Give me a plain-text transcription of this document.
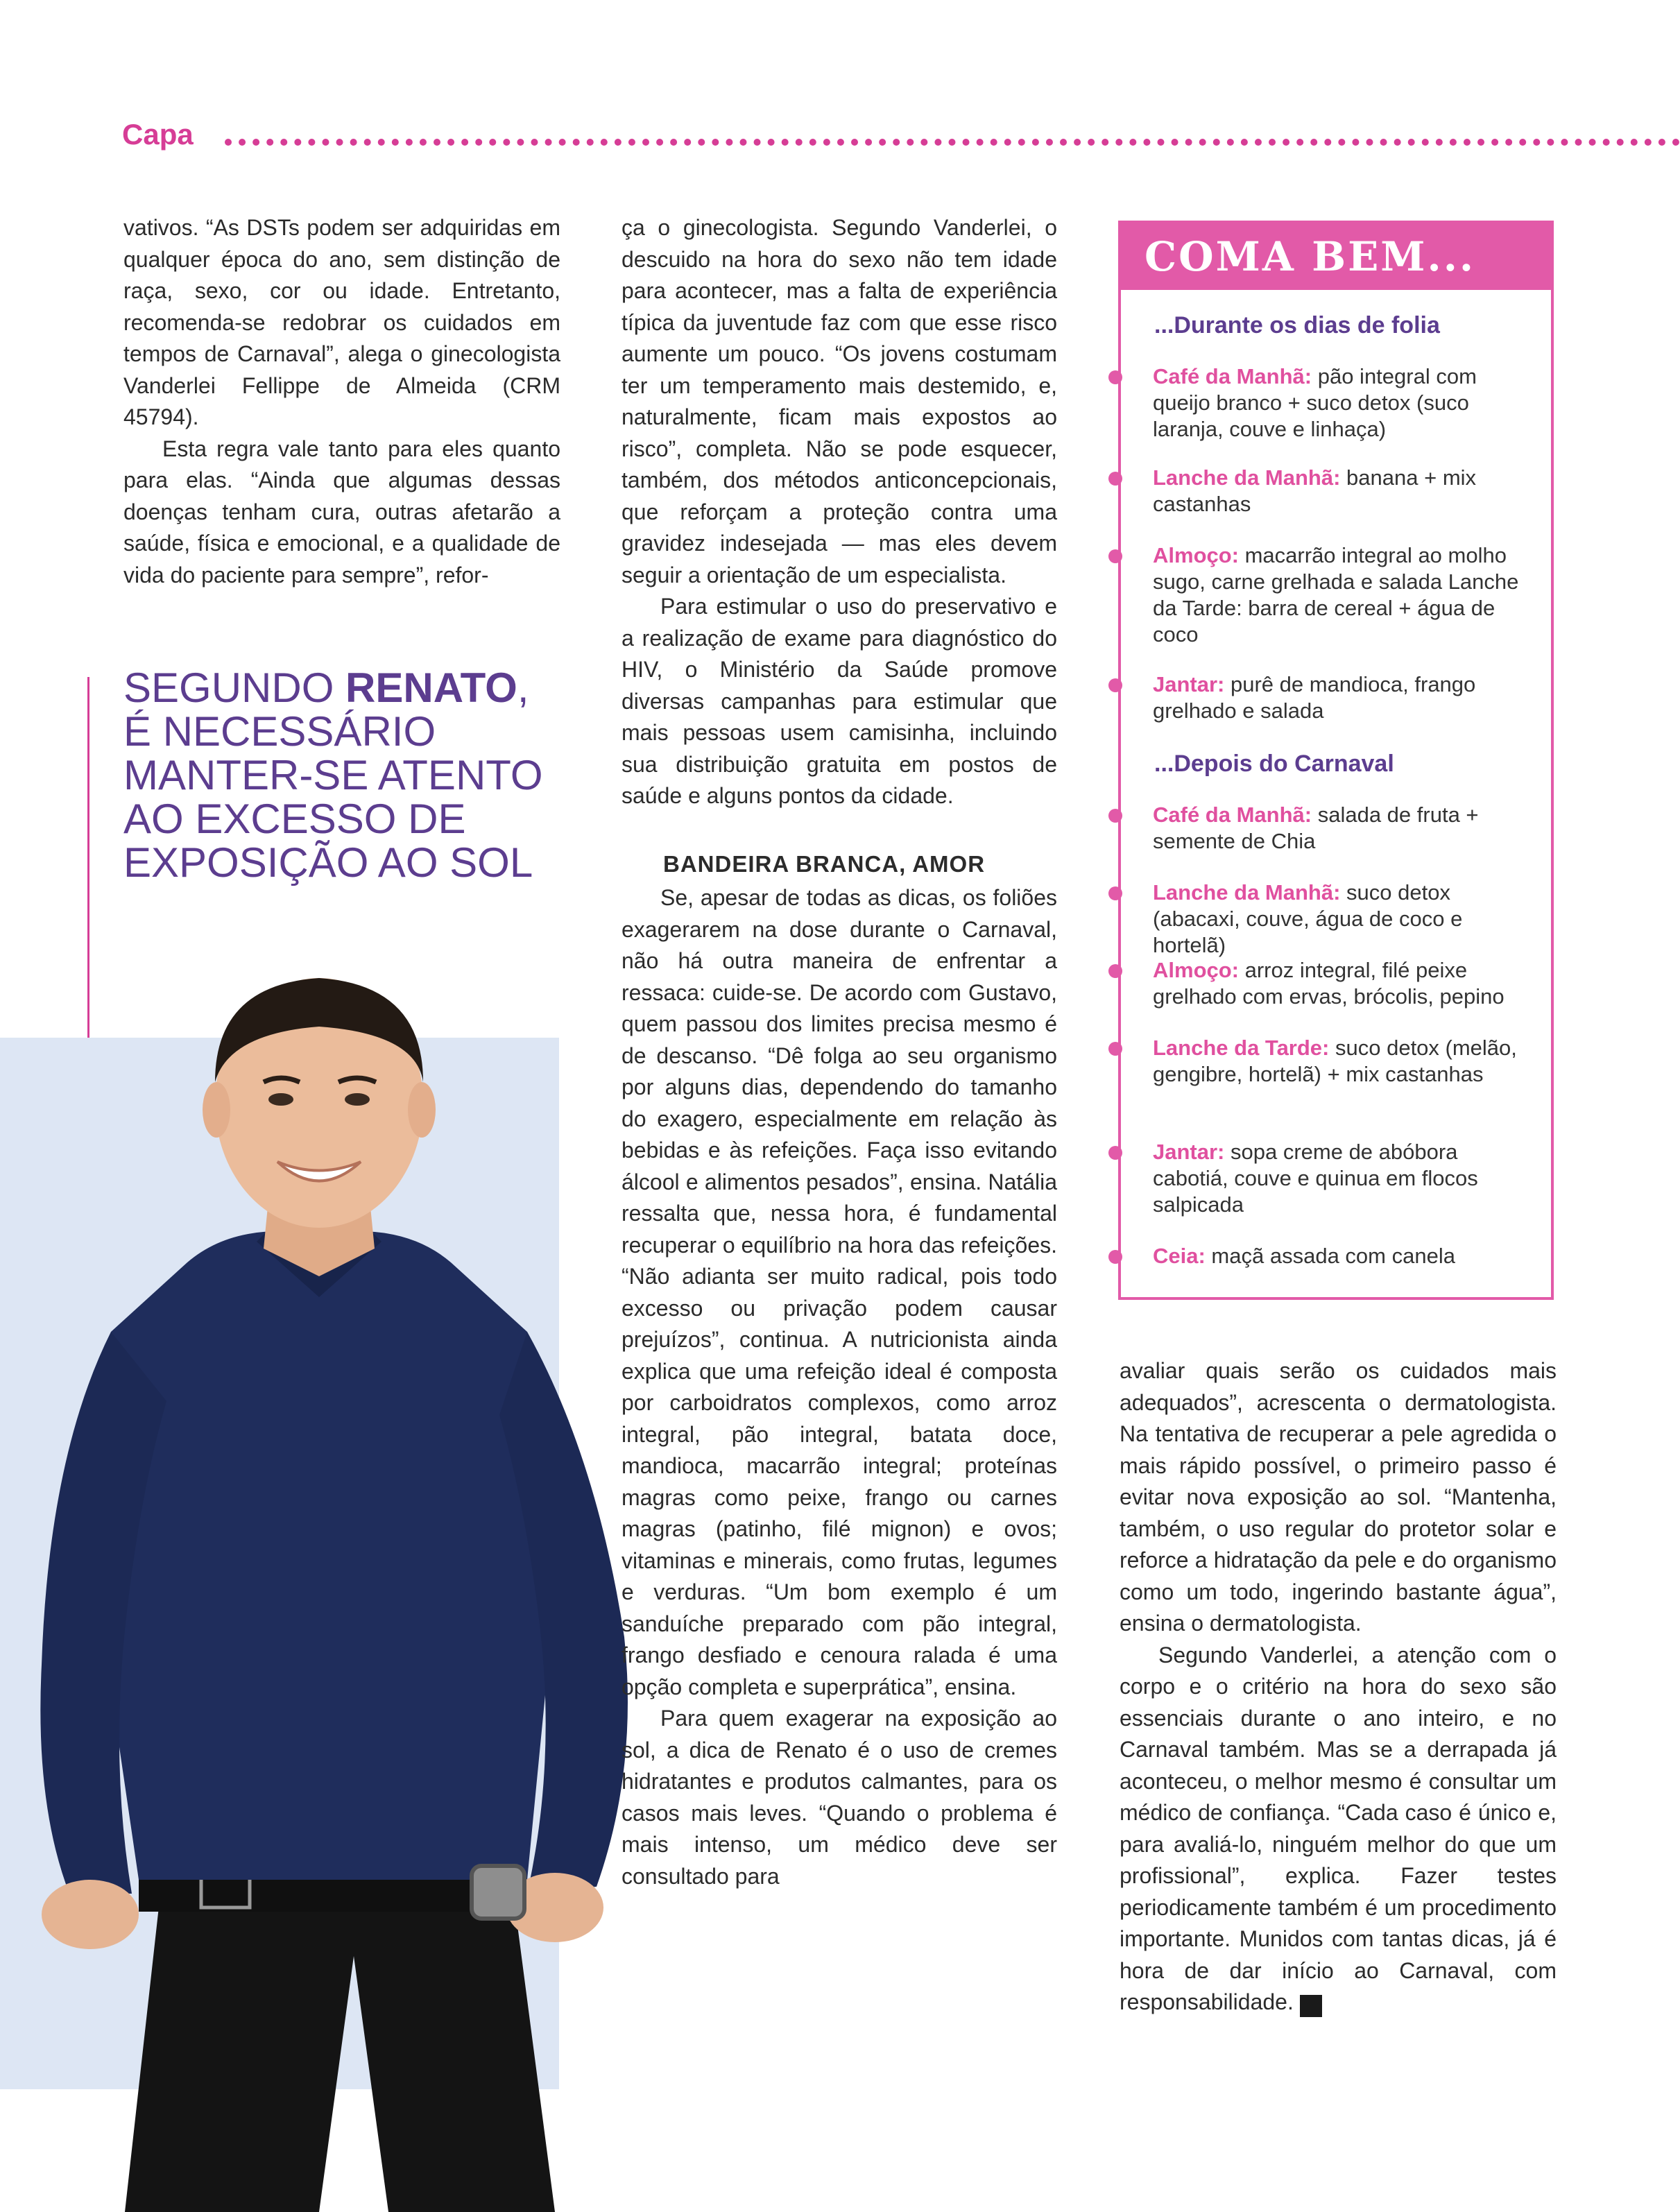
Capa

vativos. “As DSTs podem ser adquiridas em qualquer época do ano, sem distinção de raça, sexo, cor ou idade. Entretanto, recomenda-se redobrar os cuidados em tempos de Carnaval”, alega o ginecologista Vanderlei Fellippe de Almeida (CRM 45794).

Esta regra vale tanto para eles quanto para elas. “Ainda que algumas dessas doenças tenham cura, outras afetarão a saúde, física e emocional, e a qualidade de vida do paciente para sempre”, refor-

SEGUNDO RENATO, É NECESSÁRIO MANTER-SE ATENTO AO EXCESSO DE EXPOSIÇÃO AO SOL

ça o ginecologista. Segundo Vanderlei, o descuido na hora do sexo não tem idade para acontecer, mas a falta de experiência típica da juventude faz com que esse risco aumente um pouco. “Os jovens costumam ter um temperamento mais destemido, e, naturalmente, ficam mais expostos ao risco”, completa. Não se pode esquecer, também, dos métodos anticoncepcionais, que reforçam a proteção contra uma gravidez indesejada — mas eles devem seguir a orientação de um especialista.

Para estimular o uso do preservativo e a realização de exame para diagnóstico do HIV, o Ministério da Saúde promove diversas campanhas para estimular que mais pessoas usem camisinha, incluindo sua distribuição gratuita em postos de saúde e alguns pontos da cidade.

BANDEIRA BRANCA, AMOR

Se, apesar de todas as dicas, os foliões exagerarem na dose durante o Carnaval, não há outra maneira de enfrentar a ressaca: cuide-se. De acordo com Gustavo, quem passou dos limites precisa mesmo é de descanso. “Dê folga ao seu organismo por alguns dias, dependendo do tamanho do exagero, especialmente em relação às bebidas e às refeições. Faça isso evitando álcool e alimentos pesados”, ensina. Natália ressalta que, nessa hora, é fundamental recuperar o equilíbrio na hora das refeições. “Não adianta ser muito radical, pois todo excesso ou privação podem causar prejuízos”, continua. A nutricionista ainda explica que uma refeição ideal é composta por carboidratos complexos, como arroz integral, pão integral, batata doce, mandioca, macarrão integral; proteínas magras como peixe, frango ou carnes magras (patinho, filé mignon) e ovos; vitaminas e minerais, como frutas, legumes e verduras. “Um bom exemplo é um sanduíche preparado com pão integral, frango desfiado e cenoura ralada é uma opção completa e superprática”, ensina.

Para quem exagerar na exposição ao sol, a dica de Renato é o uso de cremes hidratantes e produtos calmantes, para os casos mais leves. “Quando o problema é mais intenso, um médico deve ser consultado para

avaliar quais serão os cuidados mais adequados”, acrescenta o dermatologista. Na tentativa de recuperar a pele agredida o mais rápido possível, o primeiro passo é evitar nova exposição ao sol. “Mantenha, também, o uso regular do protetor solar e reforce a hidratação da pele e do organismo como um todo, ingerindo bastante água”, ensina o dermatologista.

Segundo Vanderlei, a atenção com o corpo e o critério na hora do sexo são essenciais durante o ano inteiro, e no Carnaval também. Mas se a derrapada já aconteceu, o melhor mesmo é consultar um médico de confiança. “Cada caso é único e, para avaliá-lo, ninguém melhor do que um profissional”, explica. Fazer testes periodicamente também é um procedimento importante. Munidos com tantas dicas, já é hora de dar início ao Carnaval, com responsabilidade. r

COMA BEM...
...Durante os dias de folia
Café da Manhã: pão integral com queijo branco + suco detox (suco laranja, couve e linhaça)
Lanche da Manhã: banana + mix castanhas
Almoço: macarrão integral ao molho sugo, carne grelhada e salada Lanche da Tarde: barra de cereal + água de coco
Jantar: purê de mandioca, frango grelhado e salada
...Depois do Carnaval
Café da Manhã: salada de fruta + semente de Chia
Lanche da Manhã: suco detox (abacaxi, couve, água de coco e hortelã)
Almoço: arroz integral, filé peixe grelhado com ervas, brócolis, pepino
Lanche da Tarde: suco detox (melão, gengibre, hortelã) + mix castanhas
Jantar: sopa creme de abóbora cabotiá, couve e quinua em flocos salpicada
Ceia: maçã assada com canela
